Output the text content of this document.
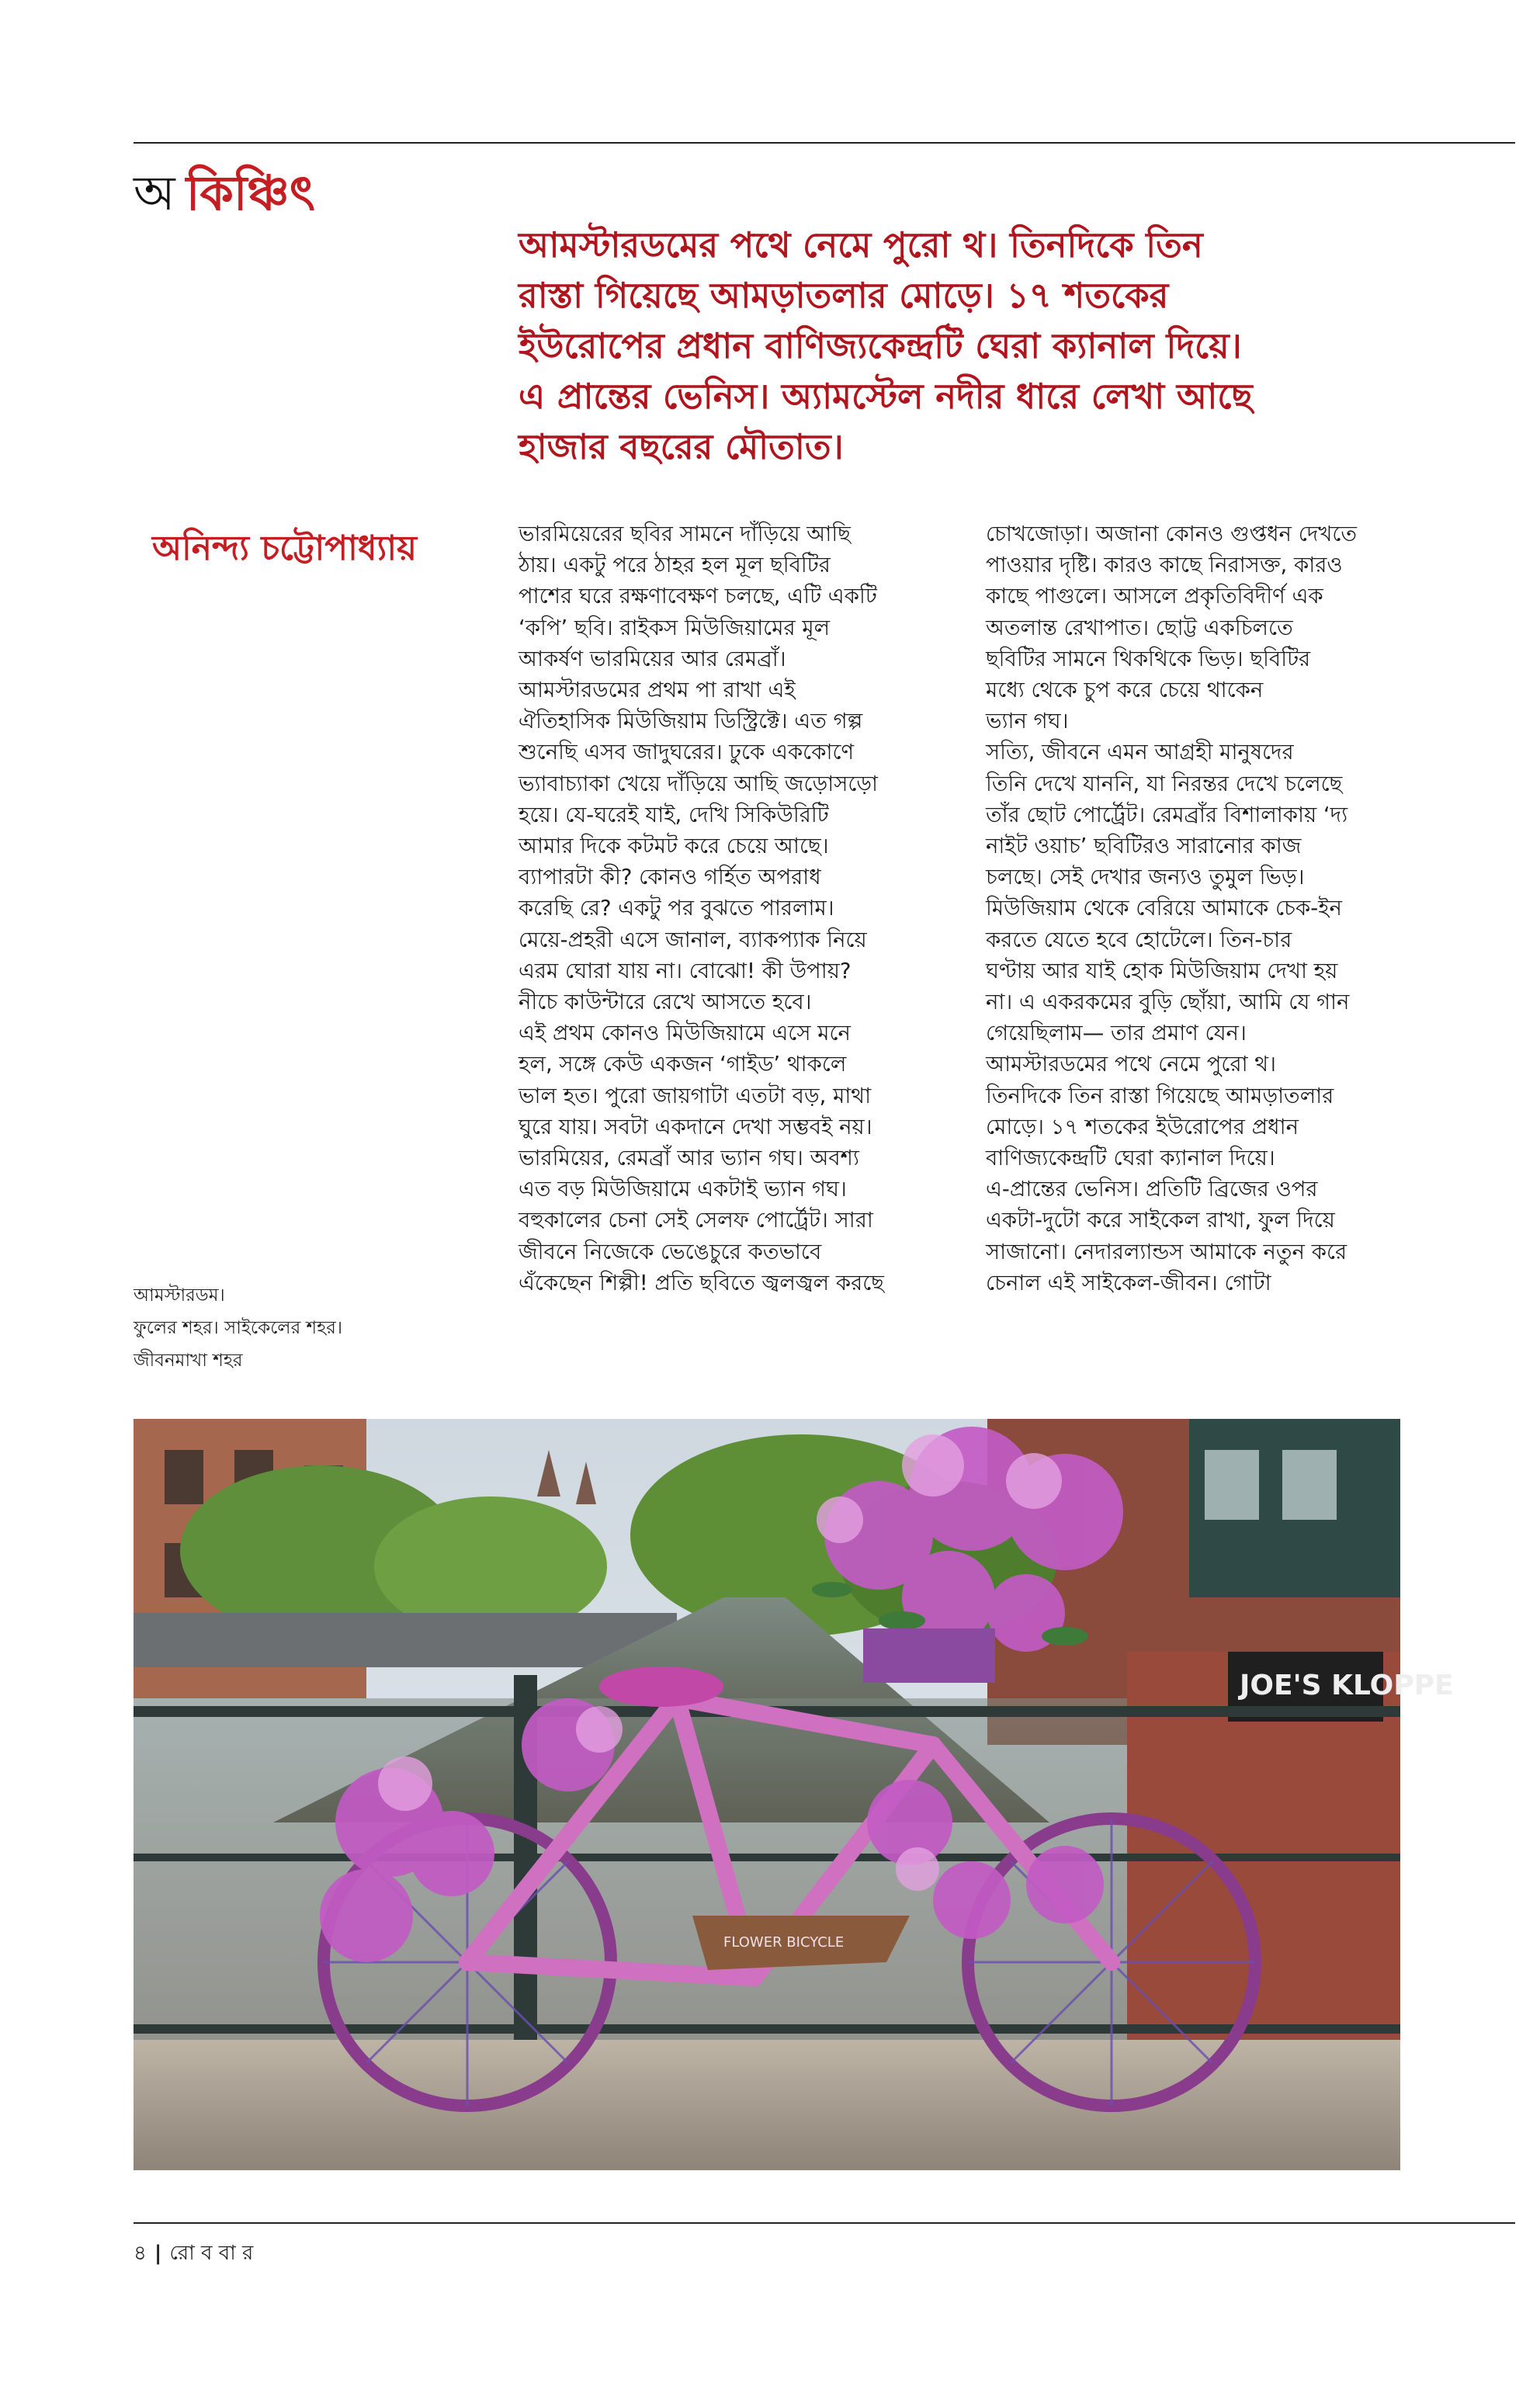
অ কিঞ্চিৎ
আমস্টারডমের পথে নেমে পুরো থ। তিনদিকে তিন
রাস্তা গিয়েছে আমড়াতলার মোড়ে। ১৭ শতকের
ইউরোপের প্রধান বাণিজ্যকেন্দ্রটি ঘেরা ক্যানাল দিয়ে।
এ প্রান্তের ভেনিস। অ্যামস্টেল নদীর ধারে লেখা আছে
হাজার বছরের মৌতাত।
অনিন্দ্য চট্টোপাধ্যায়	ভারমিয়েরের ছবির সামনে দাঁড়িয়ে আছি
ঠায়। একটু পরে ঠাহর হল মূল ছবিটির
পাশের ঘরে রক্ষণাবেক্ষণ চলছে, এটি একটি
‘কপি’ ছবি। রাইকস মিউজিয়ামের মূল
আকর্ষণ ভারমিয়ের আর রেমব্রাঁ।
আমস্টারডমের প্রথম পা রাখা এই
ঐতিহাসিক মিউজিয়াম ডিস্ট্রিক্টে। এত গল্প
শুনেছি এসব জাদুঘরের। ঢুকে এককোণে
ভ্যাবাচ্যাকা খেয়ে দাঁড়িয়ে আছি জড়োসড়ো
হয়ে। যে-ঘরেই যাই, দেখি সিকিউরিটি
আমার দিকে কটমট করে চেয়ে আছে।
ব্যাপারটা কী? কোনও গর্হিত অপরাধ
করেছি রে? একটু পর বুঝতে পারলাম।
মেয়ে-প্রহরী এসে জানাল, ব্যাকপ্যাক নিয়ে
এরম ঘোরা যায় না। বোঝো! কী উপায়?
নীচে কাউন্টারে রেখে আসতে হবে।
এই প্রথম কোনও মিউজিয়ামে এসে মনে
হল, সঙ্গে কেউ একজন ‘গাইড’ থাকলে
ভাল হত। পুরো জায়গাটা এতটা বড়, মাথা
ঘুরে যায়। সবটা একদানে দেখা সম্ভবই নয়।
ভারমিয়ের, রেমব্রাঁ আর ভ্যান গঘ। অবশ্য
এত বড় মিউজিয়ামে একটাই ভ্যান গঘ।
বহুকালের চেনা সেই সেলফ পোর্ট্রেট। সারা
জীবনে নিজেকে ভেঙেচুরে কতভাবে
এঁকেছেন শিল্পী! প্রতি ছবিতে জ্বলজ্বল করছে
চোখজোড়া। অজানা কোনও গুপ্তধন দেখতে
পাওয়ার দৃষ্টি। কারও কাছে নিরাসক্ত, কারও
কাছে পাগুলে। আসলে প্রকৃতিবিদীর্ণ এক
অতলান্ত রেখাপাত। ছোট্ট একচিলতে
ছবিটির সামনে থিকথিকে ভিড়। ছবিটির
মধ্যে থেকে চুপ করে চেয়ে থাকেন
ভ্যান গঘ।
সত্যি, জীবনে এমন আগ্রহী মানুষদের
তিনি দেখে যাননি, যা নিরন্তর দেখে চলেছে
তাঁর ছোট পোর্ট্রেট। রেমব্রাঁর বিশালাকায় ‘দ্য
নাইট ওয়াচ’ ছবিটিরও সারানোর কাজ
চলছে। সেই দেখার জন্যও তুমুল ভিড়।
মিউজিয়াম থেকে বেরিয়ে আমাকে চেক-ইন
করতে যেতে হবে হোটেলে। তিন-চার
ঘণ্টায় আর যাই হোক মিউজিয়াম দেখা হয়
না। এ একরকমের বুড়ি ছোঁয়া, আমি যে গান
গেয়েছিলাম— তার প্রমাণ যেন।
আমস্টারডমের পথে নেমে পুরো থ।
তিনদিকে তিন রাস্তা গিয়েছে আমড়াতলার
মোড়ে। ১৭ শতকের ইউরোপের প্রধান
বাণিজ্যকেন্দ্রটি ঘেরা ক্যানাল দিয়ে।
এ-প্রান্তের ভেনিস। প্রতিটি ব্রিজের ওপর
একটা-দুটো করে সাইকেল রাখা, ফুল দিয়ে
সাজানো। নেদারল্যান্ডস আমাকে নতুন করে
চেনাল এই সাইকেল-জীবন। গোটা
আমস্টারডম।
ফুলের শহর। সাইকেলের শহর।
জীবনমাখা শহর
JOE'S KLOPPE
FLOWER BICYCLE
৪ | রো ব বা র
